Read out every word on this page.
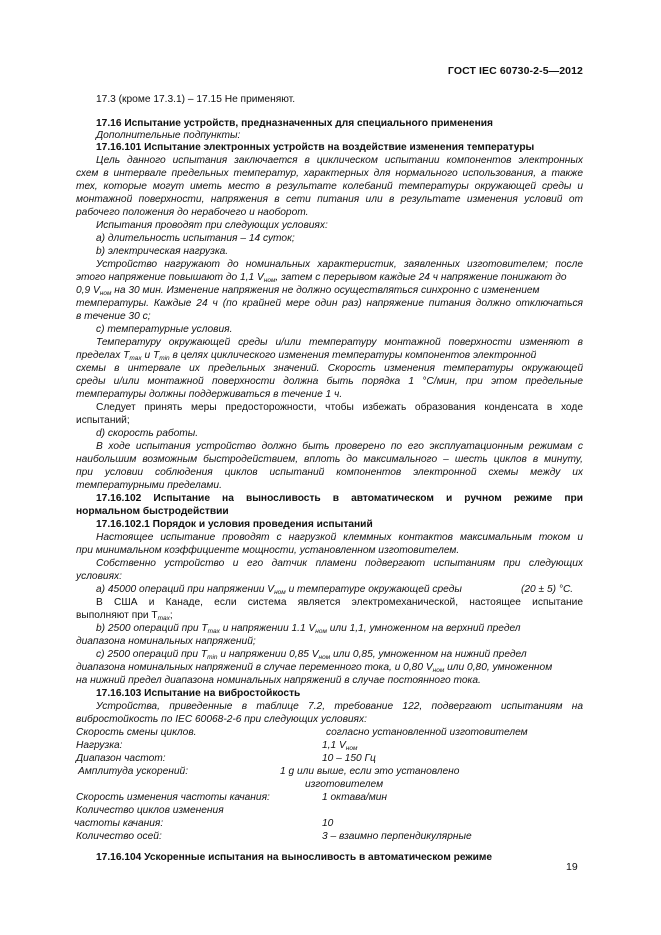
ГОСТ IEC 60730-2-5—2012
17.3 (кроме 17.3.1) – 17.15 Не применяют.
17.16 Испытание устройств, предназначенных для специального применения
Дополнительные подпункты:
17.16.101 Испытание электронных устройств на воздействие изменения температуры
Цель данного испытания заключается в циклическом испытании компонентов электронных
схем в интервале предельных температур, характерных для нормального использования, а также
тех, которые могут иметь место в результате колебаний температуры окружающей среды и
монтажной поверхности, напряжения в сети питания или в результате изменения условий от
рабочего положения до нерабочего и наоборот.
Испытания проводят при следующих условиях:
a) длительность испытания – 14 суток;
b) электрическая нагрузка.
Устройство нагружают до номинальных характеристик, заявленных изготовителем; после
этого напряжение повышают до 1,1 $V_{ном}$, затем с перерывом каждые 24 ч напряжение понижают до
0,9 $V_{ном}$ на 30 мин. Изменение напряжения не должно осуществляться синхронно с изменением
температуры. Каждые 24 ч (по крайней мере один раз) напряжение питания должно отключаться
в течение 30 с;
c) температурные условия.
Температуру окружающей среды и/или температуру монтажной поверхности изменяют в
пределах $T_{max}$ и $T_{min}$ в целях циклического изменения температуры компонентов электронной
схемы в интервале их предельных значений. Скорость изменения температуры окружающей
среды и/или монтажной поверхности должна быть порядка 1 °С/мин, при этом предельные
температуры должны поддерживаться в течение 1 ч.
Следует принять меры предосторожности, чтобы избежать образования конденсата в ходе
испытаний;
d) скорость работы.
В ходе испытания устройство должно быть проверено по его эксплуатационным режимам с
наибольшим возможным быстродействием, вплоть до максимального – шесть циклов в минуту,
при условии соблюдения циклов испытаний компонентов электронной схемы между их
температурными пределами.
17.16.102 Испытание на выносливость в автоматическом и ручном режиме при
нормальном быстродействии
17.16.102.1 Порядок и условия проведения испытаний
Настоящее испытание проводят с нагрузкой клеммных контактов максимальным током и
при минимальном коэффициенте мощности, установленном изготовителем.
Собственно устройство и его датчик пламени подвергают испытаниям при следующих
условиях:
a) 45000 операций при напряжении $V_{ном}$ и температуре окружающей среды	(20 ± 5) °С.
В США и Канаде, если система является электромеханической, настоящее испытание
выполняют при $T_{max}$;
b) 2500 операций при $T_{max}$ и напряжении 1.1 $V_{ном}$ или 1,1, умноженном на верхний предел
диапазона номинальных напряжений;
c) 2500 операций при $T_{min}$ и напряжении 0,85 $V_{ном}$ или 0,85, умноженном на нижний предел
диапазона номинальных напряжений в случае переменного тока, и 0,80 $V_{ном}$ или 0,80, умноженном
на нижний предел диапазона номинальных напряжений в случае постоянного тока.
17.16.103 Испытание на вибростойкость
Устройства, приведенные в таблице 7.2, требование 122, подвергают испытаниям на
вибростойкость по IEC 60068-2-6 при следующих условиях:
Скорость смены циклов.	согласно установленной изготовителем
Нагрузка:	1,1 $V_{ном}$
Диапазон частот:	10 – 150 Гц
Амплитуда ускорений:	1 g или выше, если это установлено
изготовителем
Скорость изменения частоты качания:	1 октава/мин
Количество циклов изменения
частоты качания:	10
Количество осей:	3 – взаимно перпендикулярные
17.16.104 Ускоренные испытания на выносливость в автоматическом режиме
19
